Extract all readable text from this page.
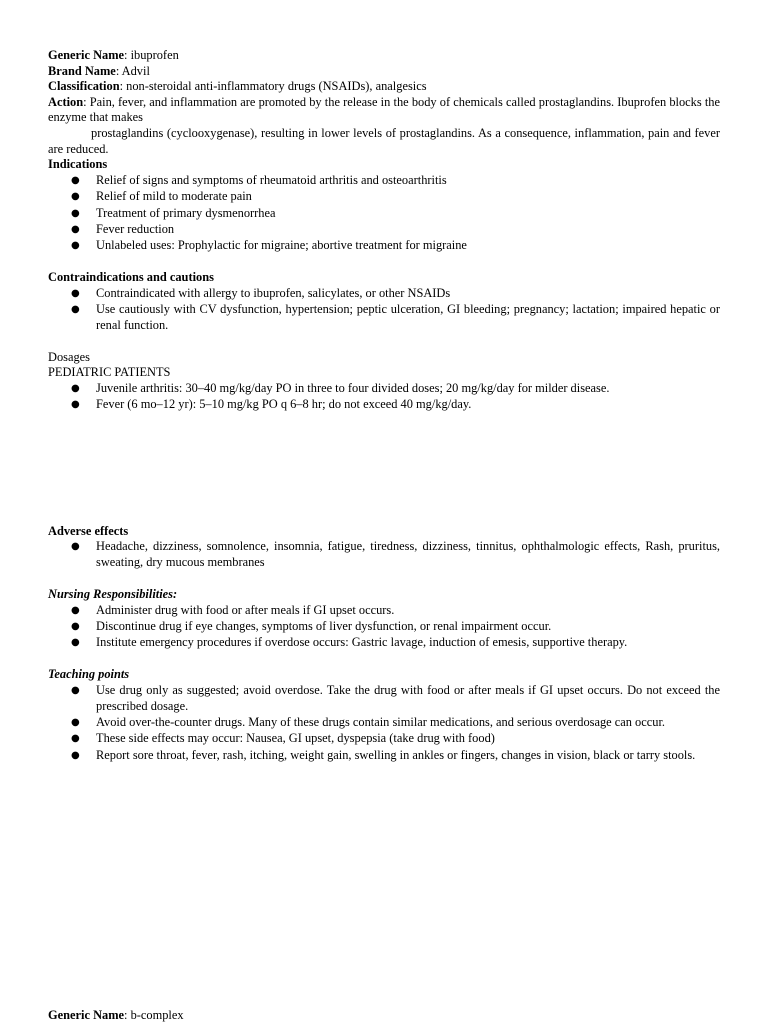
Generic Name: ibuprofen

Brand Name: Advil

Classification: non-steroidal anti-inflammatory drugs (NSAIDs), analgesics

Action: Pain, fever, and inflammation are promoted by the release in the body of chemicals called prostaglandins. Ibuprofen blocks the enzyme that makes

prostaglandins (cyclooxygenase), resulting in lower levels of prostaglandins. As a consequence, inflammation, pain and fever are reduced.

Indications

● Relief of signs and symptoms of rheumatoid arthritis and osteoarthritis
● Relief of mild to moderate pain
● Treatment of primary dysmenorrhea
● Fever reduction
● Unlabeled uses: Prophylactic for migraine; abortive treatment for migraine

Contraindications and cautions

● Contraindicated with allergy to ibuprofen, salicylates, or other NSAIDs
● Use cautiously with CV dysfunction, hypertension; peptic ulceration, GI bleeding; pregnancy; lactation; impaired hepatic or renal function.

Dosages

PEDIATRIC PATIENTS

● Juvenile arthritis: 30–40 mg/kg/day PO in three to four divided doses; 20 mg/kg/day for milder disease.
● Fever (6 mo–12 yr): 5–10 mg/kg PO q 6–8 hr; do not exceed 40 mg/kg/day.

Adverse effects

● Headache, dizziness, somnolence, insomnia, fatigue, tiredness, dizziness, tinnitus, ophthalmologic effects, Rash, pruritus, sweating, dry mucous membranes

Nursing Responsibilities:

● Administer drug with food or after meals if GI upset occurs.
● Discontinue drug if eye changes, symptoms of liver dysfunction, or renal impairment occur.
● Institute emergency procedures if overdose occurs: Gastric lavage, induction of emesis, supportive therapy.

Teaching points

● Use drug only as suggested; avoid overdose. Take the drug with food or after meals if GI upset occurs. Do not exceed the prescribed dosage.
● Avoid over-the-counter drugs. Many of these drugs contain similar medications, and serious overdosage can occur.
● These side effects may occur: Nausea, GI upset, dyspepsia (take drug with food)
● Report sore throat, fever, rash, itching, weight gain, swelling in ankles or fingers, changes in vision, black or tarry stools.

Generic Name: b-complex
